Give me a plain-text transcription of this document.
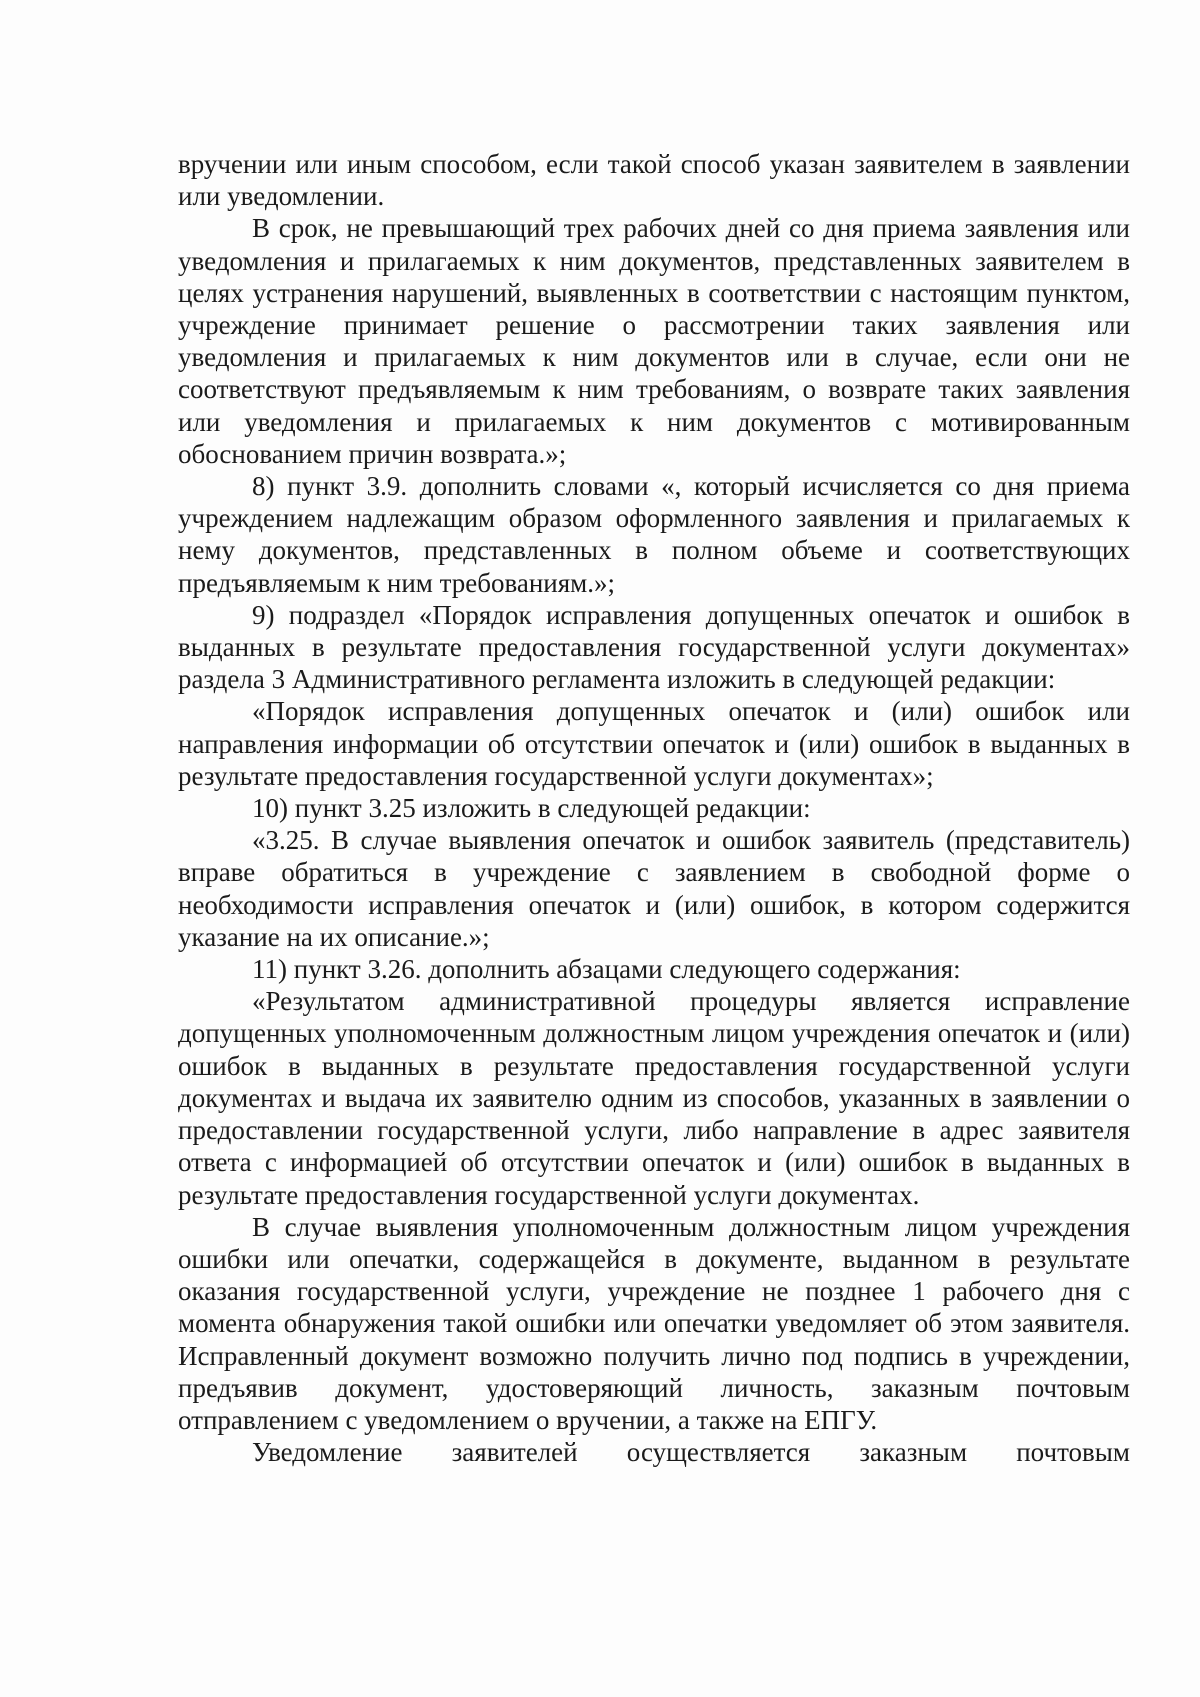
вручении или иным способом, если такой способ указан заявителем в заявлении или уведомлении.

В срок, не превышающий трех рабочих дней со дня приема заявления или уведомления и прилагаемых к ним документов, представленных заявителем в целях устранения нарушений, выявленных в соответствии с настоящим пунктом, учреждение принимает решение о рассмотрении таких заявления или уведомления и прилагаемых к ним документов или в случае, если они не соответствуют предъявляемым к ним требованиям, о возврате таких заявления или уведомления и прилагаемых к ним документов с мотивированным обоснованием причин возврата.»;

8) пункт 3.9. дополнить словами «, который исчисляется со дня приема учреждением надлежащим образом оформленного заявления и прилагаемых к нему документов, представленных в полном объеме и соответствующих предъявляемым к ним требованиям.»;

9) подраздел «Порядок исправления допущенных опечаток и ошибок в выданных в результате предоставления государственной услуги документах» раздела 3 Административного регламента изложить в следующей редакции:

«Порядок исправления допущенных опечаток и (или) ошибок или направления информации об отсутствии опечаток и (или) ошибок в выданных в результате предоставления государственной услуги документах»;

10) пункт 3.25 изложить в следующей редакции:

«3.25. В случае выявления опечаток и ошибок заявитель (представитель) вправе обратиться в учреждение с заявлением в свободной форме о необходимости исправления опечаток и (или) ошибок, в котором содержится указание на их описание.»;

11) пункт 3.26. дополнить абзацами следующего содержания:

«Результатом административной процедуры является исправление допущенных уполномоченным должностным лицом учреждения опечаток и (или) ошибок в выданных в результате предоставления государственной услуги документах и выдача их заявителю одним из способов, указанных в заявлении о предоставлении государственной услуги, либо направление в адрес заявителя ответа с информацией об отсутствии опечаток и (или) ошибок в выданных в результате предоставления государственной услуги документах.

В случае выявления уполномоченным должностным лицом учреждения ошибки или опечатки, содержащейся в документе, выданном в результате оказания государственной услуги, учреждение не позднее 1 рабочего дня с момента обнаружения такой ошибки или опечатки уведомляет об этом заявителя. Исправленный документ возможно получить лично под подпись в учреждении, предъявив документ, удостоверяющий личность, заказным почтовым отправлением с уведомлением о вручении, а также на ЕПГУ.

Уведомление заявителей осуществляется заказным почтовым
